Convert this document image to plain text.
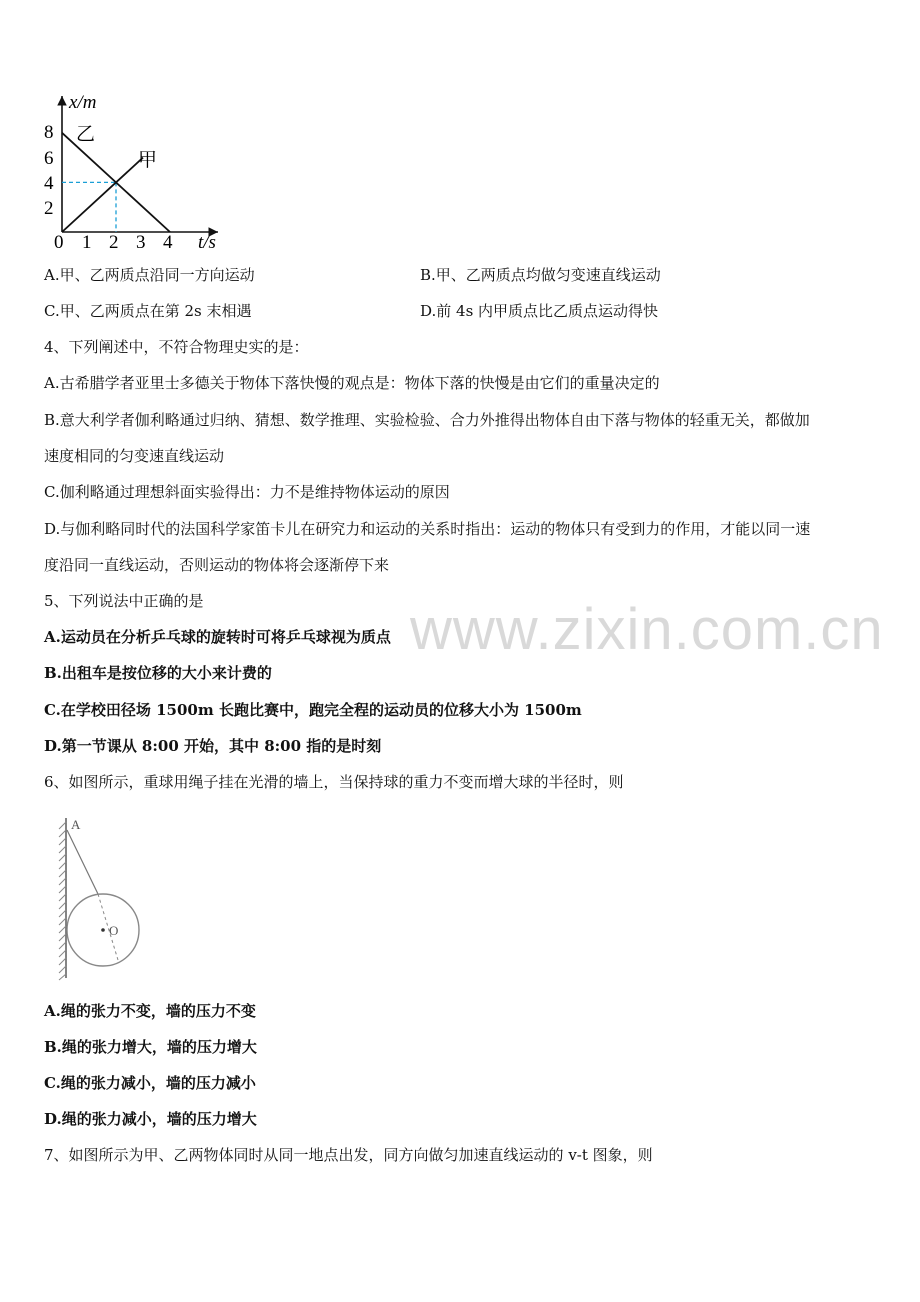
x/m
t/s
8
6
4
2
0 1 2 3 4
乙
甲
A.甲、乙两质点沿同一方向运动	B.甲、乙两质点均做匀变速直线运动
C.甲、乙两质点在第 2s 末相遇	D.前 4s 内甲质点比乙质点运动得快
4、下列阐述中，不符合物理史实的是：
A.古希腊学者亚里士多德关于物体下落快慢的观点是：物体下落的快慢是由它们的重量决定的
B.意大利学者伽利略通过归纳、猜想、数学推理、实验检验、合力外推得出物体自由下落与物体的轻重无关，都做加
速度相同的匀变速直线运动
C.伽利略通过理想斜面实验得出：力不是维持物体运动的原因
D.与伽利略同时代的法国科学家笛卡儿在研究力和运动的关系时指出：运动的物体只有受到力的作用，才能以同一速
度沿同一直线运动，否则运动的物体将会逐渐停下来
5、下列说法中正确的是
A.运动员在分析乒乓球的旋转时可将乒乓球视为质点
B.出租车是按位移的大小来计费的
C.在学校田径场 1500m 长跑比赛中，跑完全程的运动员的位移大小为 1500m
D.第一节课从 8:00 开始，其中 8:00 指的是时刻
6、如图所示，重球用绳子挂在光滑的墙上，当保持球的重力不变而增大球的半径时，则
A
O
A.绳的张力不变，墙的压力不变
B.绳的张力增大，墙的压力增大
C.绳的张力减小，墙的压力减小
D.绳的张力减小，墙的压力增大
7、如图所示为甲、乙两物体同时从同一地点出发，同方向做匀加速直线运动的 v-t 图象，则
www.zixin.com.cn
